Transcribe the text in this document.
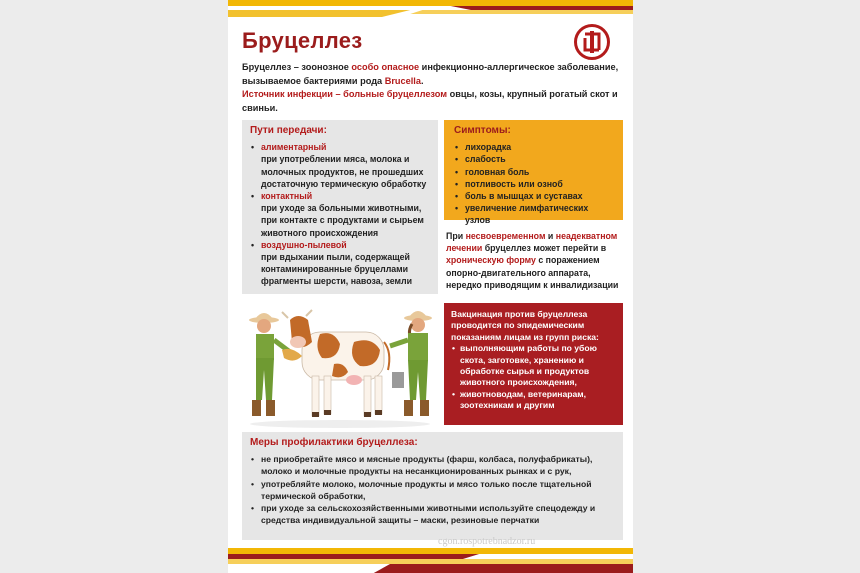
Бруцеллез
Бруцеллез – зоонозное особо опасное инфекционно-аллергическое заболевание, вызываемое бактериями рода Brucella.
Источник инфекции – больные бруцеллезом овцы, козы, крупный рогатый скот и свиньи.
Пути передачи:
• алиментарный
при употреблении мяса, молока и молочных продуктов, не прошедших достаточную термическую обработку
• контактный
при уходе за больными животными, при контакте с продуктами и сырьем животного происхождения
• воздушно-пылевой
при вдыхании пыли, содержащей контаминированные бруцеллами фрагменты шерсти, навоза, земли
Симптомы:
• лихорадка
• слабость
• головная боль
• потливость или озноб
• боль в мышцах и суставах
• увеличение лимфатических узлов
При несвоевременном и неадекватном лечении бруцеллез может перейти в хроническую форму с поражением опорно-двигательного аппарата, нередко приводящим к инвалидизации
Вакцинация против бруцеллеза проводится по эпидемическим показаниям лицам из групп риска:
• выполняющим работы по убою скота, заготовке, хранению и обработке сырья и продуктов животного происхождения,
• животноводам, ветеринарам, зоотехникам и другим
Меры профилактики бруцеллеза:
• не приобретайте мясо и мясные продукты (фарш, колбаса, полуфабрикаты), молоко и молочные продукты на несанкционированных рынках и с рук,
• употребляйте молоко, молочные продукты и мясо только после тщательной термической обработки,
• при уходе за сельскохозяйственными животными используйте спецодежду и средства индивидуальной защиты – маски, резиновые перчатки
cgon.rospotrebnadzor.ru
